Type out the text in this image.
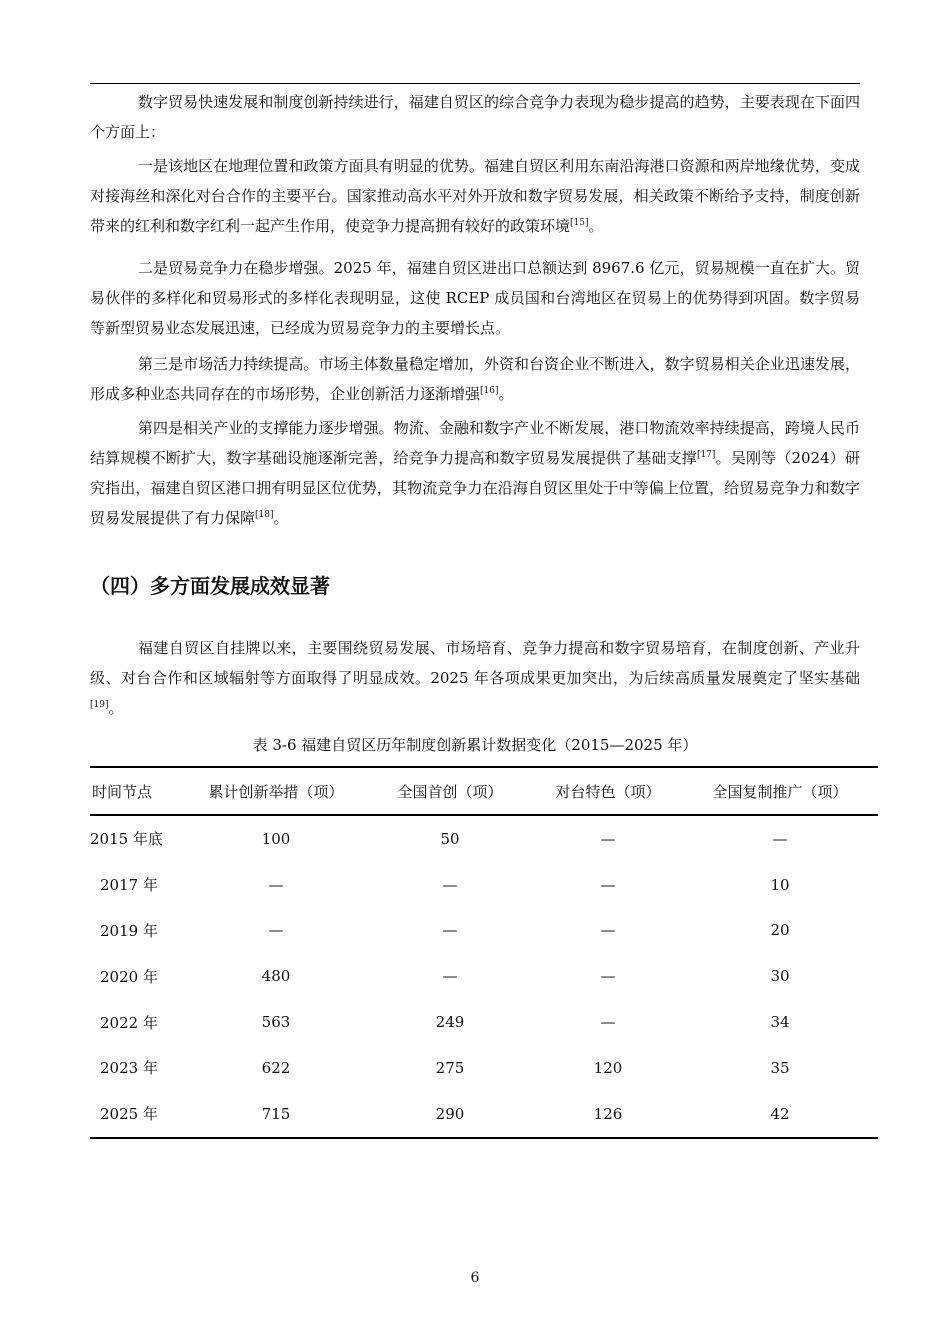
数字贸易快速发展和制度创新持续进行，福建自贸区的综合竞争力表现为稳步提高的趋势，主要表现在下面四个方面上：

一是该地区在地理位置和政策方面具有明显的优势。福建自贸区利用东南沿海港口资源和两岸地缘优势，变成对接海丝和深化对台合作的主要平台。国家推动高水平对外开放和数字贸易发展，相关政策不断给予支持，制度创新带来的红利和数字红利一起产生作用，使竞争力提高拥有较好的政策环境[15]。

二是贸易竞争力在稳步增强。2025 年，福建自贸区进出口总额达到 8967.6 亿元，贸易规模一直在扩大。贸易伙伴的多样化和贸易形式的多样化表现明显，这使 RCEP 成员国和台湾地区在贸易上的优势得到巩固。数字贸易等新型贸易业态发展迅速，已经成为贸易竞争力的主要增长点。

第三是市场活力持续提高。市场主体数量稳定增加，外资和台资企业不断进入，数字贸易相关企业迅速发展，形成多种业态共同存在的市场形势，企业创新活力逐渐增强[16]。

第四是相关产业的支撑能力逐步增强。物流、金融和数字产业不断发展，港口物流效率持续提高，跨境人民币结算规模不断扩大，数字基础设施逐渐完善，给竞争力提高和数字贸易发展提供了基础支撑[17]。吴刚等（2024）研究指出，福建自贸区港口拥有明显区位优势，其物流竞争力在沿海自贸区里处于中等偏上位置，给贸易竞争力和数字贸易发展提供了有力保障[18]。

（四）多方面发展成效显著

福建自贸区自挂牌以来，主要围绕贸易发展、市场培育、竞争力提高和数字贸易培育，在制度创新、产业升级、对台合作和区域辐射等方面取得了明显成效。2025 年各项成果更加突出，为后续高质量发展奠定了坚实基础[19]。

表 3-6 福建自贸区历年制度创新累计数据变化（2015—2025 年）
时间节点	累计创新举措（项）	全国首创（项）	对台特色（项）	全国复制推广（项）
2015 年底	100	50	—	—
2017 年	—	—	—	10
2019 年	—	—	—	20
2020 年	480	—	—	30
2022 年	563	249	—	34
2023 年	622	275	120	35
2025 年	715	290	126	42
6
